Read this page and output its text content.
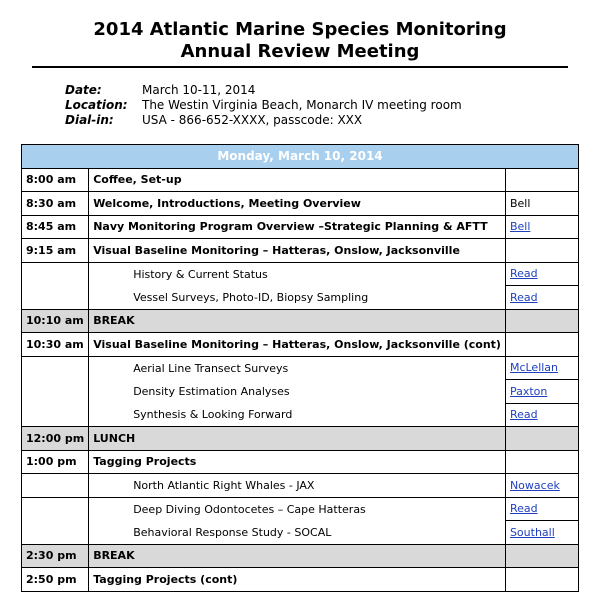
2014 Atlantic Marine Species Monitoring
Annual Review Meeting
Date:	March 10-11, 2014
Location:	The Westin Virginia Beach, Monarch IV meeting room
Dial-in:	USA - 866-652-XXXX, passcode: XXX
Monday, March 10, 2014		
8:00 am	Coffee, Set-up	
8:30 am	Welcome, Introductions, Meeting Overview	Bell
8:45 am	Navy Monitoring Program Overview –Strategic Planning & AFTT	Bell
9:15 am	Visual Baseline Monitoring – Hatteras, Onslow, Jacksonville	
	History & Current Status	Read
	Vessel Surveys, Photo-ID, Biopsy Sampling	Read
10:10 am	BREAK	
10:30 am	Visual Baseline Monitoring – Hatteras, Onslow, Jacksonville (cont)	
	Aerial Line Transect Surveys	McLellan
	Density Estimation Analyses	Paxton
	Synthesis & Looking Forward	Read
12:00 pm	LUNCH	
1:00 pm	Tagging Projects	
	North Atlantic Right Whales - JAX	Nowacek
	Deep Diving Odontocetes – Cape Hatteras	Read
	Behavioral Response Study - SOCAL	Southall
2:30 pm	BREAK	
2:50 pm	Tagging Projects (cont)	
